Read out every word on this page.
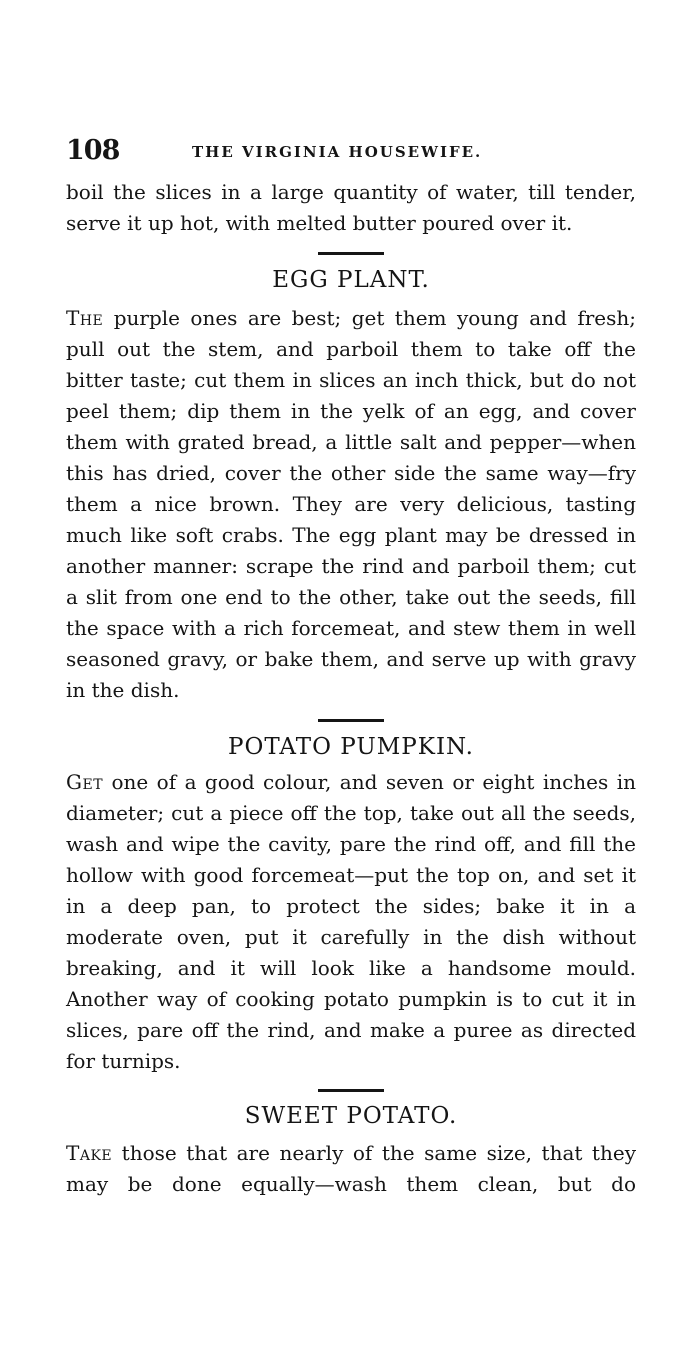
108	THE VIRGINIA HOUSEWIFE.

boil the slices in a large quantity of water, till tender, serve it up hot, with melted butter poured over it.

EGG PLANT.

The purple ones are best; get them young and fresh; pull out the stem, and parboil them to take off the bitter taste; cut them in slices an inch thick, but do not peel them; dip them in the yelk of an egg, and cover them with grated bread, a little salt and pepper—when this has dried, cover the other side the same way—fry them a nice brown. They are very delicious, tasting much like soft crabs. The egg plant may be dressed in another manner: scrape the rind and parboil them; cut a slit from one end to the other, take out the seeds, fill the space with a rich forcemeat, and stew them in well seasoned gravy, or bake them, and serve up with gravy in the dish.

POTATO PUMPKIN.

Get one of a good colour, and seven or eight inches in diameter; cut a piece off the top, take out all the seeds, wash and wipe the cavity, pare the rind off, and fill the hollow with good forcemeat—put the top on, and set it in a deep pan, to protect the sides; bake it in a moderate oven, put it carefully in the dish without breaking, and it will look like a handsome mould. Another way of cooking potato pumpkin is to cut it in slices, pare off the rind, and make a puree as directed for turnips.

SWEET POTATO.

Take those that are nearly of the same size, that they may be done equally—wash them clean, but do
